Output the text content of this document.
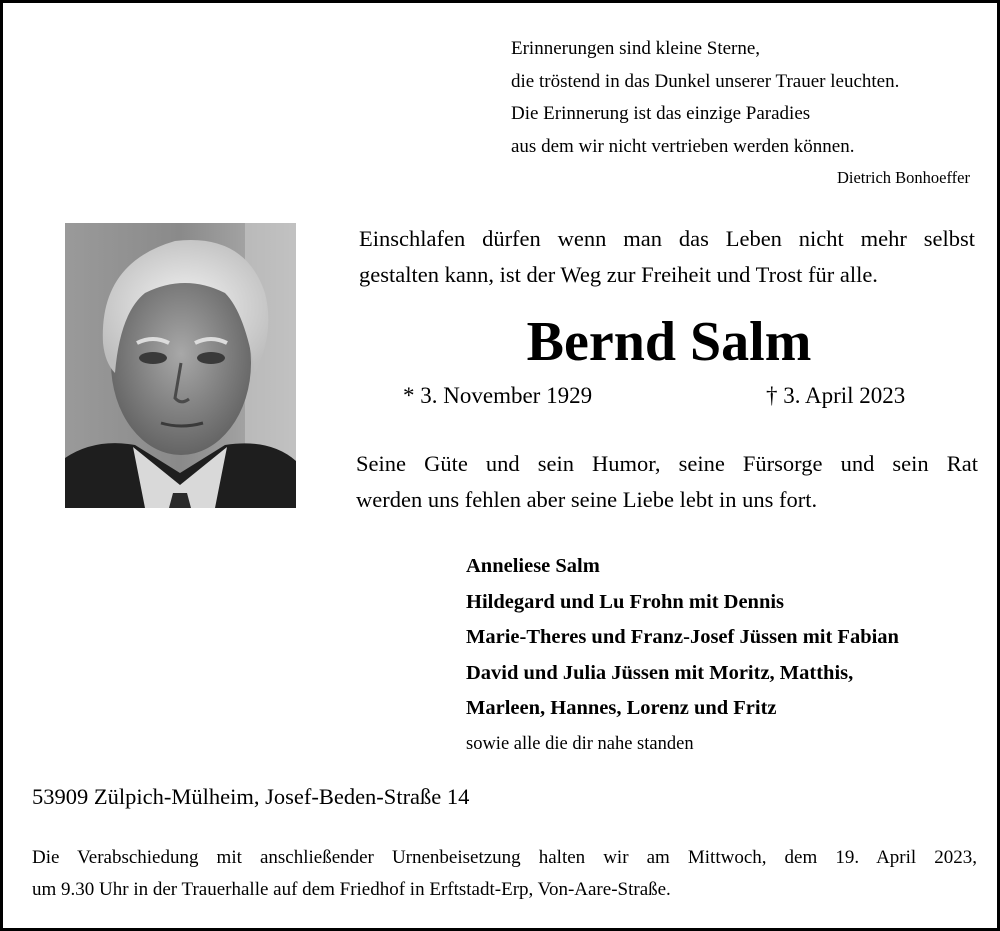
Erinnerungen sind kleine Sterne,
die tröstend in das Dunkel unserer Trauer leuchten.
Die Erinnerung ist das einzige Paradies
aus dem wir nicht vertrieben werden können.
Dietrich Bonhoeffer
Einschlafen dürfen wenn man das Leben nicht mehr selbst
gestalten kann, ist der Weg zur Freiheit und Trost für alle.
Bernd Salm
* 3. November 1929	† 3. April 2023
Seine Güte und sein Humor, seine Fürsorge und sein Rat
werden uns fehlen aber seine Liebe lebt in uns fort.
Anneliese Salm
Hildegard und Lu Frohn mit Dennis
Marie-Theres und Franz-Josef Jüssen mit Fabian
David und Julia Jüssen mit Moritz, Matthis,
Marleen, Hannes, Lorenz und Fritz
sowie alle die dir nahe standen
53909 Zülpich-Mülheim, Josef-Beden-Straße 14
Die Verabschiedung mit anschließender Urnenbeisetzung halten wir am Mittwoch, dem 19. April 2023,
um 9.30 Uhr in der Trauerhalle auf dem Friedhof in Erftstadt-Erp, Von-Aare-Straße.
